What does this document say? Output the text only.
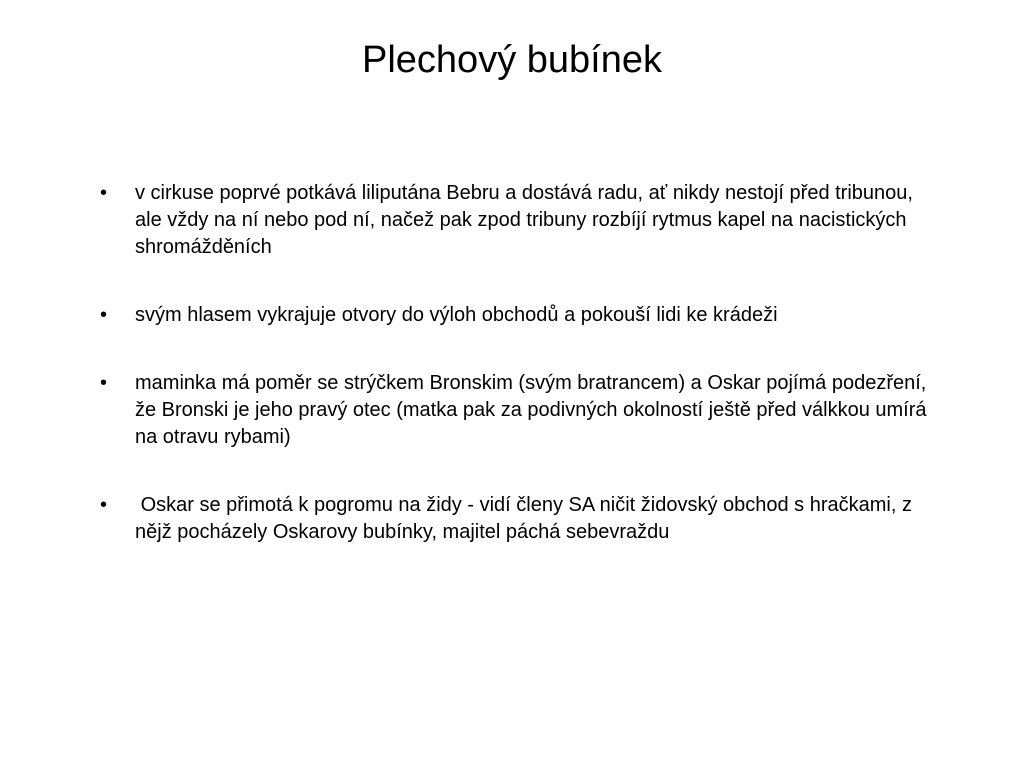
Plechový bubínek
•	v cirkuse poprvé potkává liliputána Bebru a dostává radu, ať nikdy nestojí před tribunou, ale vždy na ní nebo pod ní, načež pak zpod tribuny rozbíjí rytmus kapel na nacistických shromážděních
•	svým hlasem vykrajuje otvory do výloh obchodů a pokouší lidi ke krádeži
•	maminka má poměr se strýčkem Bronskim (svým bratrancem) a Oskar pojímá podezření, že Bronski je jeho pravý otec (matka pak za podivných okolností ještě před válkkou umírá na otravu rybami)
•	Oskar se přimotá k pogromu na židy - vidí členy SA ničit židovský obchod s hračkami, z nějž pocházely Oskarovy bubínky, majitel páchá sebevraždu
